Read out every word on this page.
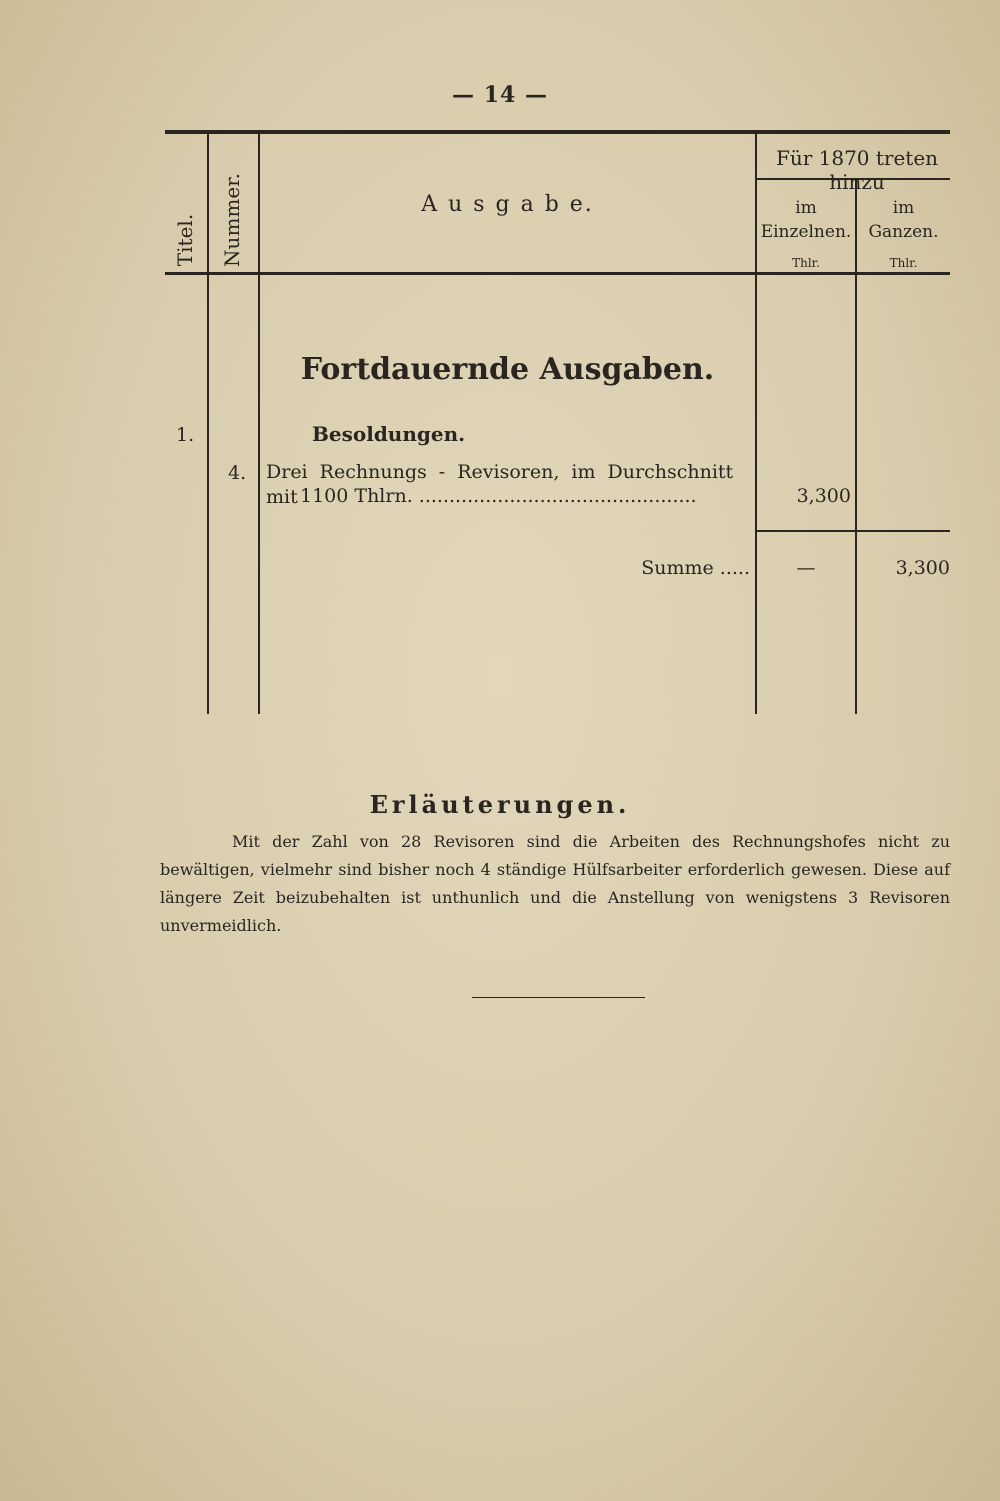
— 14 —
Titel. Nummer.	A u s g a b e.
Für 1870 treten hinzu
im Einzelnen.
im Ganzen.
Thlr.	Thlr.
Fortdauernde Ausgaben.
1.	Besoldungen.
4. Drei Rechnungs - Revisoren, im Durchschnitt mit 1100 Thlrn. ..............................................	3,300
Summe .....	—	3,300
Erläuterungen.
Mit der Zahl von 28 Revisoren sind die Arbeiten des Rechnungshofes nicht zu bewältigen, vielmehr sind bisher noch 4 ständige Hülfsarbeiter erforderlich gewesen. Diese auf längere Zeit beizubehalten ist unthunlich und die Anstellung von wenigstens 3 Revisoren unvermeidlich.
